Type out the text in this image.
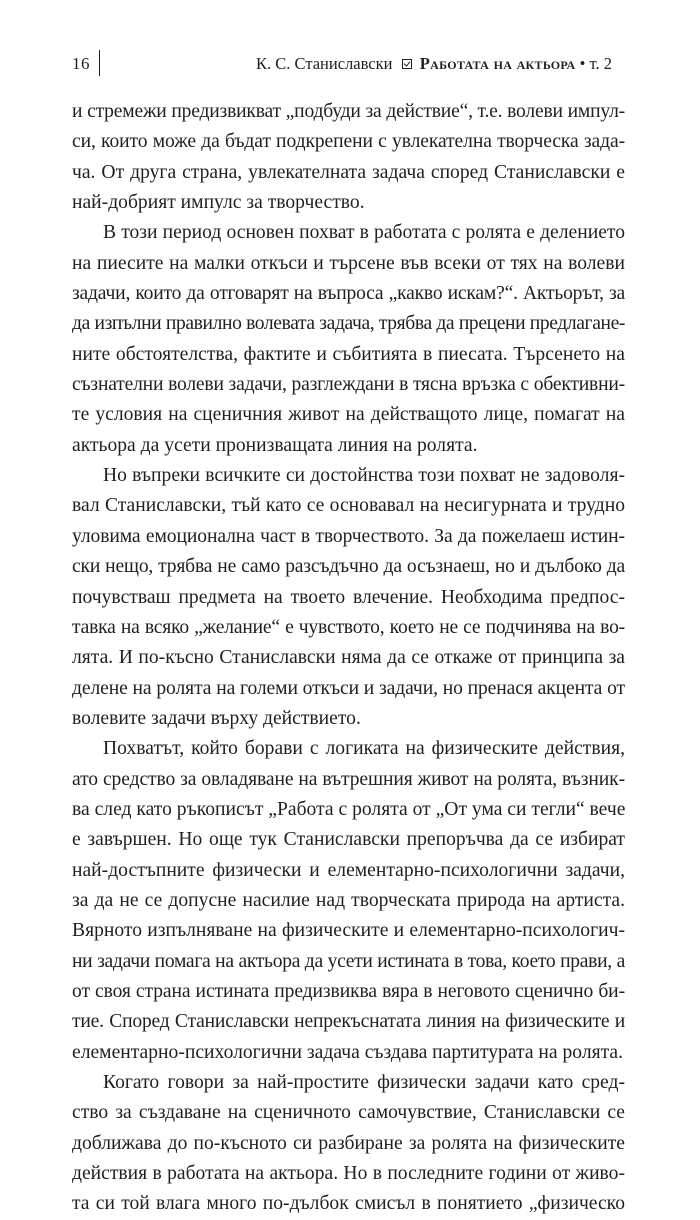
16	К. С. Станиславски Работата на актьора • т. 2
и стремежи предизвикват „подбуди за действие“, т.е. волеви импул-
си, които може да бъдат подкрепени с увлекателна творческа зада-
ча. От друга страна, увлекателната задача според Станиславски е
най-добрият импулс за творчество.
В този период основен похват в работата с ролята е делението
на пиесите на малки откъси и търсене във всеки от тях на волеви
задачи, които да отговарят на въпроса „какво искам?“. Актьорът, за
да изпълни правилно волевата задача, трябва да прецени предлагане-
ните обстоятелства, фактите и събитията в пиесата. Търсенето на
съзнателни волеви задачи, разглеждани в тясна връзка с обективни-
те условия на сценичния живот на действащото лице, помагат на
актьора да усети пронизващата линия на ролята.
Но въпреки всичките си достойнства този похват не задоволя-
вал Станиславски, тъй като се основавал на несигурната и трудно
уловима емоционална част в творчеството. За да пожелаеш истин-
ски нещо, трябва не само разсъдъчно да осъзнаеш, но и дълбоко да
почувстваш предмета на твоето влечение. Необходима предпос-
тавка на всяко „желание“ е чувството, което не се подчинява на во-
лята. И по-късно Станиславски няма да се откаже от принципа за
делене на ролята на големи откъси и задачи, но пренася акцента от
волевите задачи върху действието.
Похватът, който борави с логиката на физическите действия,
ато средство за овладяване на вътрешния живот на ролята, възник-
ва след като ръкописът „Работа с ролята от „От ума си тегли“ вече
е завършен. Но още тук Станиславски препоръчва да се избират
най-достъпните физически и елементарно-психологични задачи,
за да не се допусне насилие над творческата природа на артиста.
Вярното изпълняване на физическите и елементарно-психологич-
ни задачи помага на актьора да усети истината в това, което прави, а
от своя страна истината предизвиква вяра в неговото сценично би-
тие. Според Станиславски непрекъснатата линия на физическите и
елементарно-психологични задача създава партитурата на ролята.
Когато говори за най-простите физически задачи като сред-
ство за създаване на сценичното самочувствие, Станиславски се
доближава до по-късното си разбиране за ролята на физическите
действия в работата на актьора. Но в последните години от живо-
та си той влага много по-дълбок смисъл в понятието „физическо
